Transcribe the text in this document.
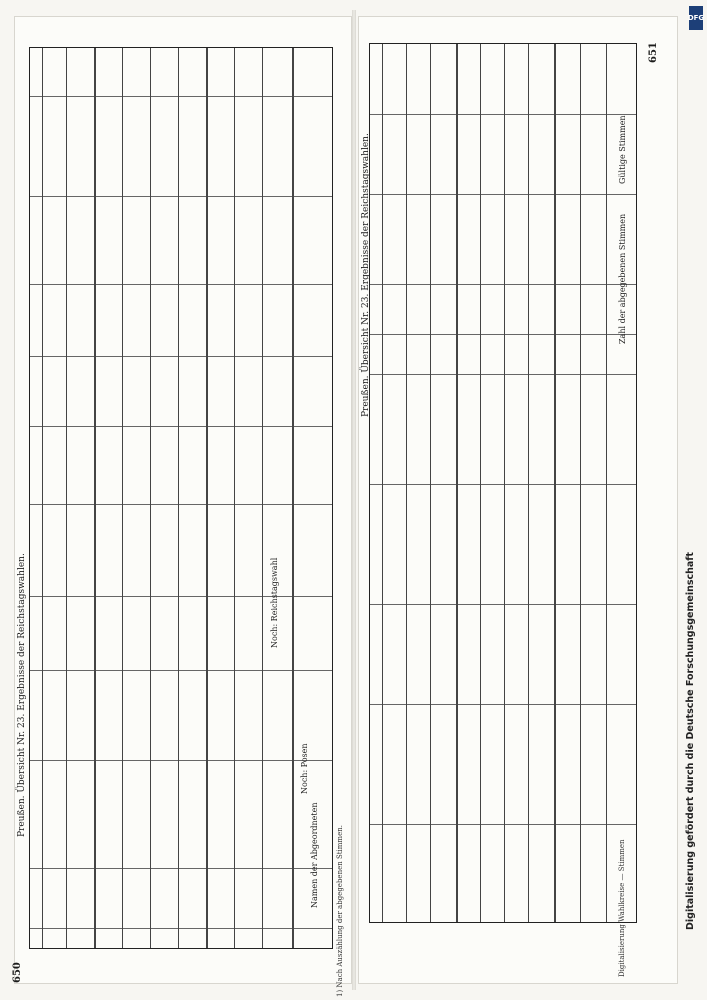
650
Preußen. Übersicht Nr. 23. Ergebnisse der Reichstagswahlen.
Namen der Abgeordneten
Noch: Posen
Noch: Reichstagswahl
1) Nach Auszählung der abgegebenen Stimmen.
651
Preußen. Übersicht Nr. 23. Ergebnisse der Reichstagswahlen.	Zahl der abgegebenen Stimmen
Gültige Stimmen
Digitalisierung Wahlkreise — Stimmen	Digitalisierung gefördert durch die Deutsche Forschungsgemeinschaft
DFG
